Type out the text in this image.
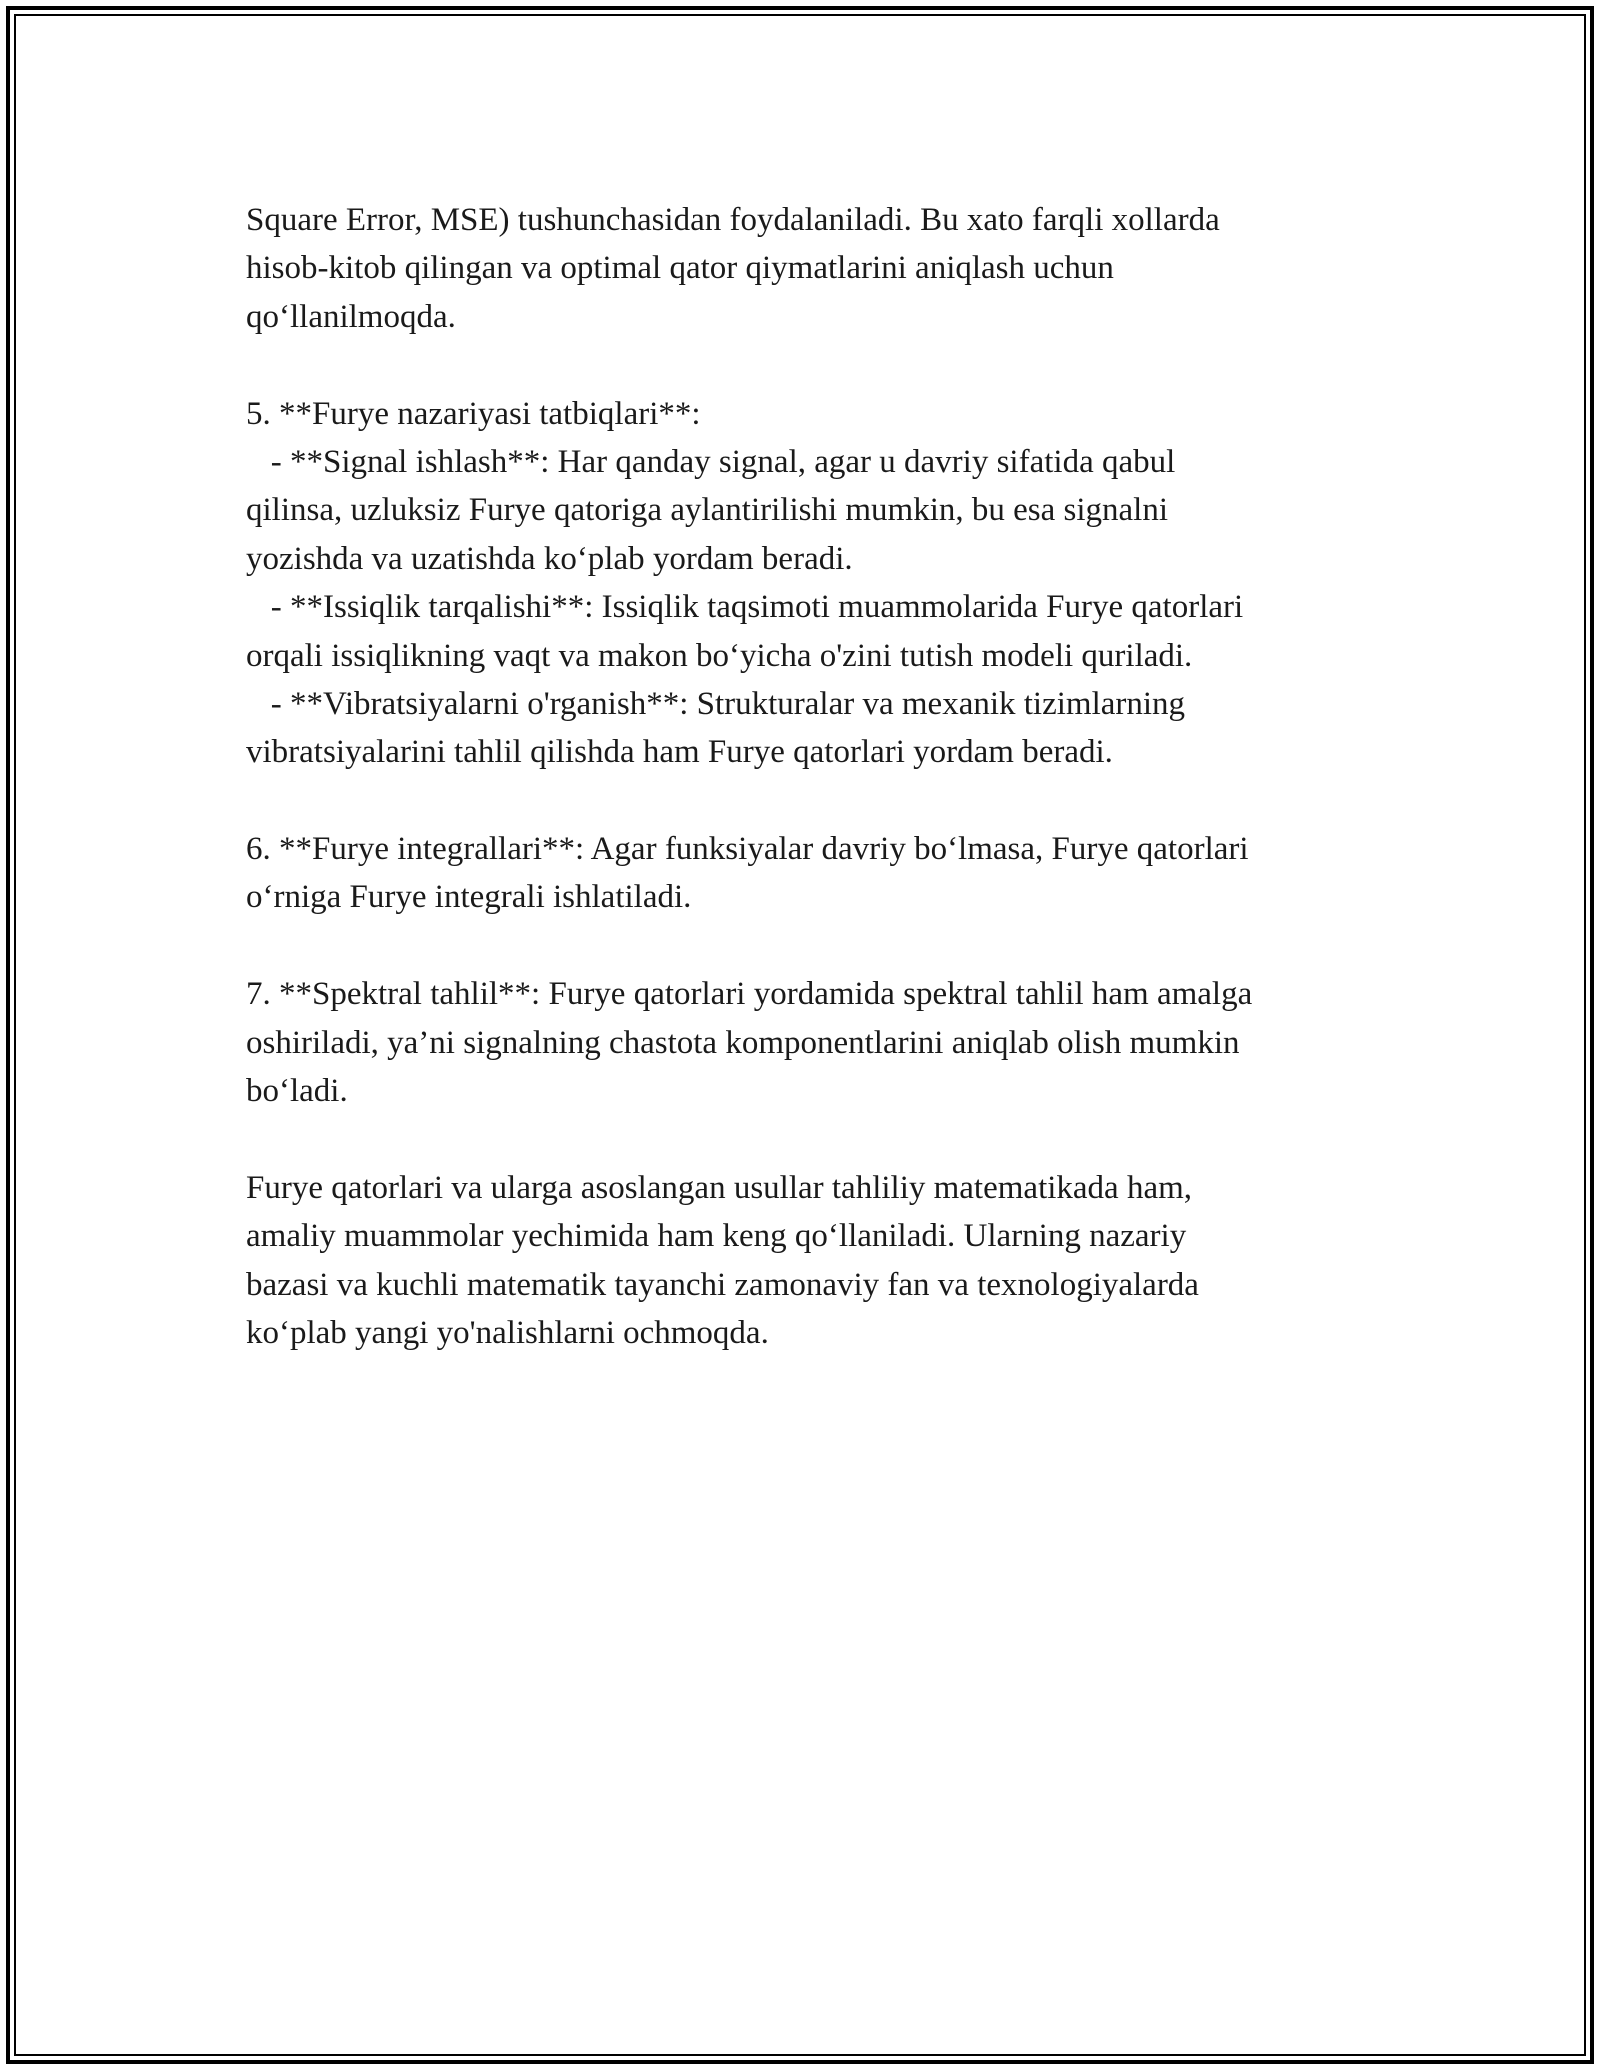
Square Error, MSE) tushunchasidan foydalaniladi. Bu xato farqli xollarda
hisob-kitob qilingan va optimal qator qiymatlarini aniqlash uchun
qo‘llanilmoqda.
5. **Furye nazariyasi tatbiqlari**:
- **Signal ishlash**: Har qanday signal, agar u davriy sifatida qabul
qilinsa, uzluksiz Furye qatoriga aylantirilishi mumkin, bu esa signalni
yozishda va uzatishda ko‘plab yordam beradi.
- **Issiqlik tarqalishi**: Issiqlik taqsimoti muammolarida Furye qatorlari
orqali issiqlikning vaqt va makon bo‘yicha o'zini tutish modeli quriladi.
- **Vibratsiyalarni o'rganish**: Strukturalar va mexanik tizimlarning
vibratsiyalarini tahlil qilishda ham Furye qatorlari yordam beradi.
6. **Furye integrallari**: Agar funksiyalar davriy bo‘lmasa, Furye qatorlari
o‘rniga Furye integrali ishlatiladi.
7. **Spektral tahlil**: Furye qatorlari yordamida spektral tahlil ham amalga
oshiriladi, ya’ni signalning chastota komponentlarini aniqlab olish mumkin
bo‘ladi.
Furye qatorlari va ularga asoslangan usullar tahliliy matematikada ham,
amaliy muammolar yechimida ham keng qo‘llaniladi. Ularning nazariy
bazasi va kuchli matematik tayanchi zamonaviy fan va texnologiyalarda
ko‘plab yangi yo'nalishlarni ochmoqda.
